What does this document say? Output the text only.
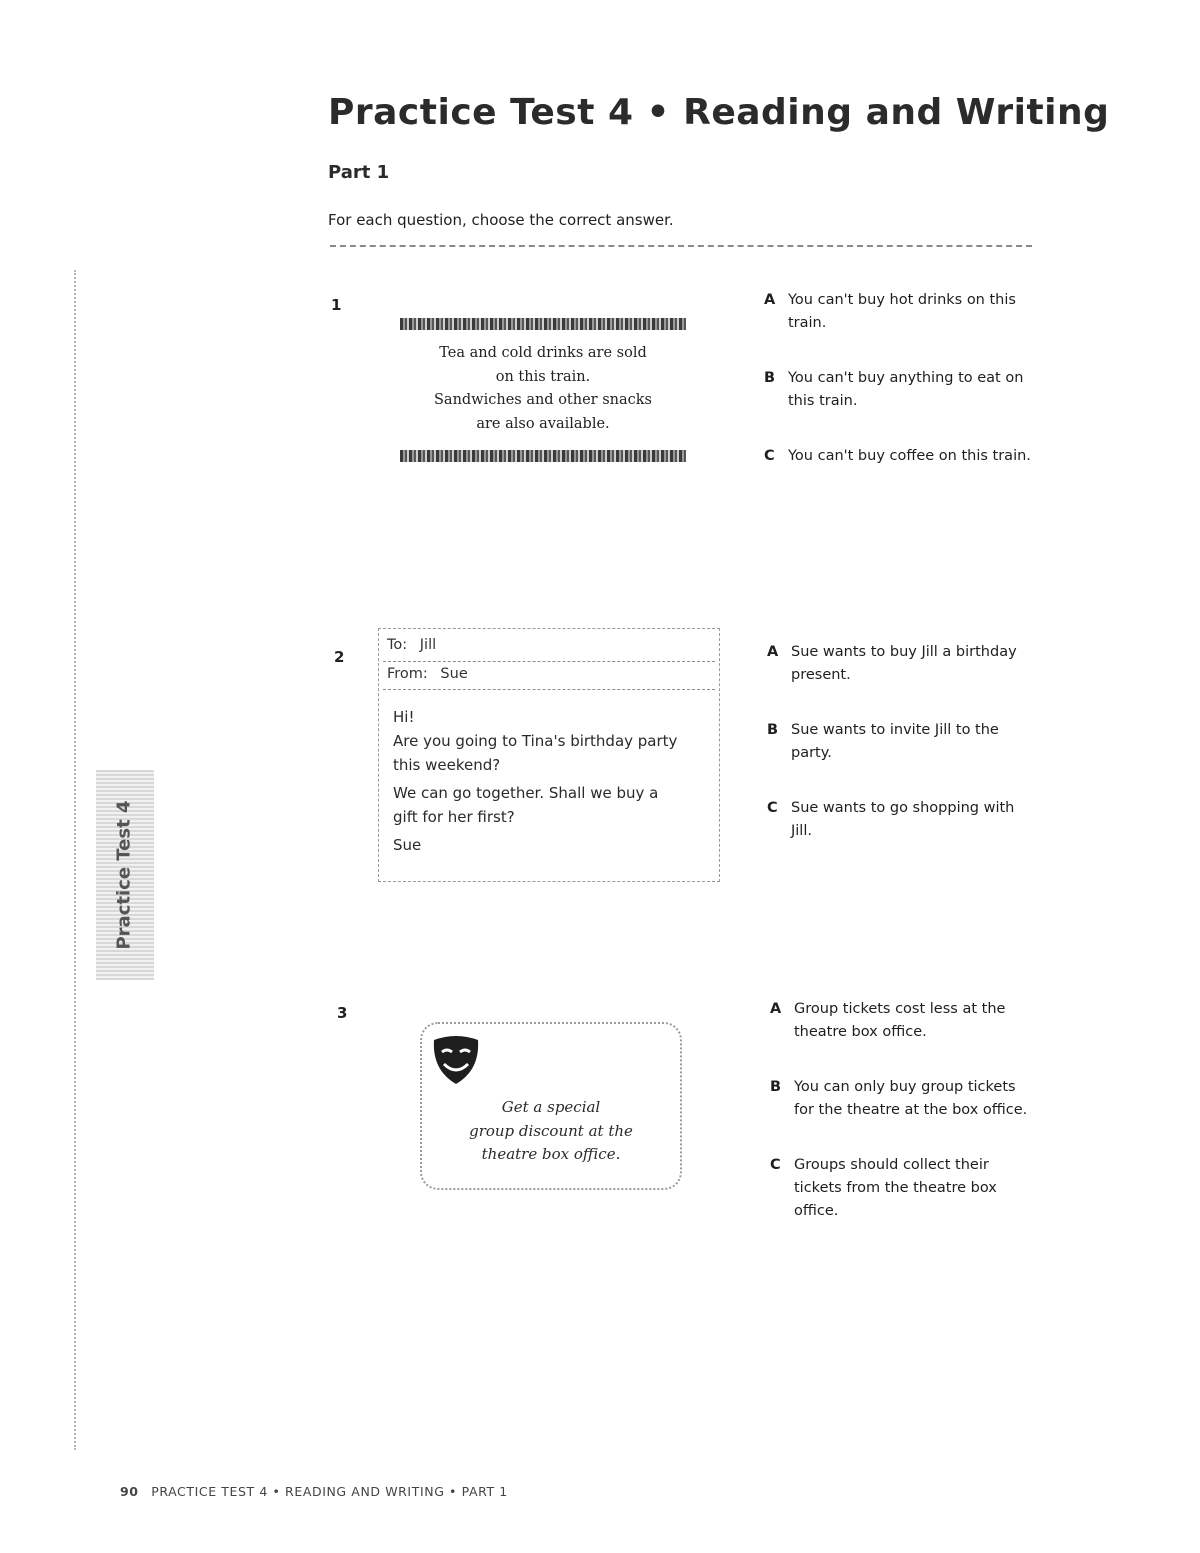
Practice Test 4
Practice Test 4 • Reading and Writing
Part 1
For each question, choose the correct answer.
1
Tea and cold drinks are sold
on this train.
Sandwiches and other snacks
are also available.
A You can't buy hot drinks on this train.
B You can't buy anything to eat on this train.
C You can't buy coffee on this train.
2
To: Jill
From: Sue
Hi!
Are you going to Tina's birthday party
this weekend?
We can go together. Shall we buy a
gift for her first?
Sue
A Sue wants to buy Jill a birthday present.
B Sue wants to invite Jill to the party.
C Sue wants to go shopping with Jill.
3
Get a special
group discount at the
theatre box office.
A Group tickets cost less at the theatre box office.
B You can only buy group tickets for the theatre at the box office.
C Groups should collect their tickets from the theatre box office.
90 PRACTICE TEST 4 • READING AND WRITING • PART 1
